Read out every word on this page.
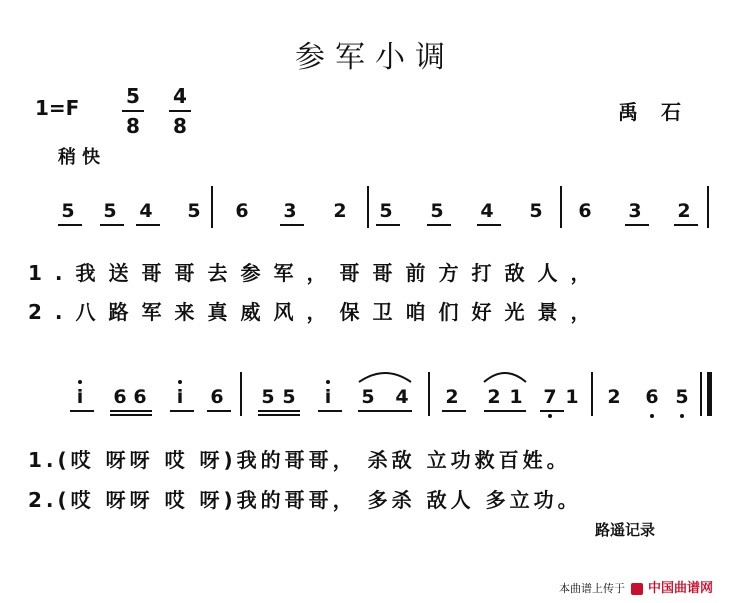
参军小调
1=F	5
8
4
8
禹 石
稍快
5 5 4 5 6 3 2 5 5 4 5 6 3 2
1.我送哥哥去参军，哥哥前方打敌人，
2.八路军来真威风，保卫咱们好光景，
i	6 6	i	6 5 5	i	5 4 2 2 1 7 1 2 6 5
1.(哎 呀呀 哎 呀)我的哥哥， 杀敌 立功救百姓。
2.(哎 呀呀 哎 呀)我的哥哥， 多杀 敌人 多立功。
路遥记录
本曲谱上传于 中国曲谱网
